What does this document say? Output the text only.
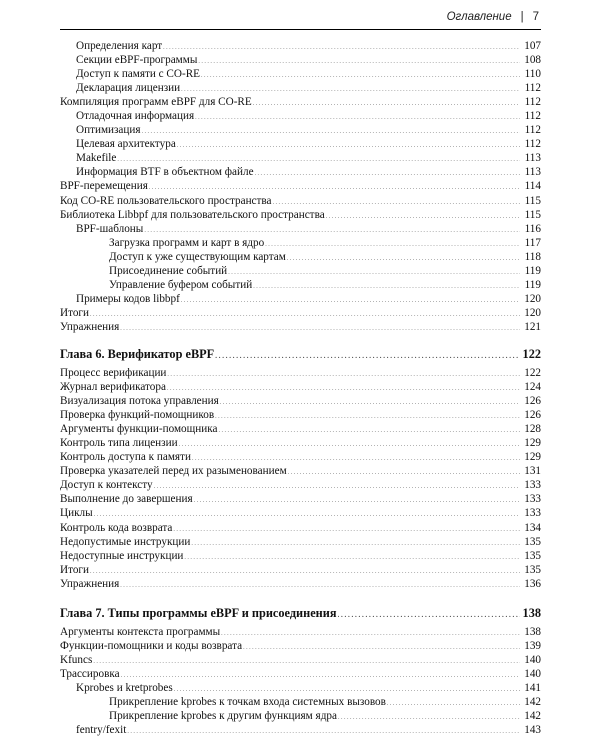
Оглавление | 7
Определения карт . . .	107
Секции eBPF-программы . . .	108
Доступ к памяти с CO-RE . . .	110
Декларация лицензии . . .	112
Компиляция программ eBPF для CO-RE . . .	112
Отладочная информация . . .	112
Оптимизация . . .	112
Целевая архитектура . . .	112
Makefile . . .	113
Информация BTF в объектном файле . . .	113
BPF-перемещения . . .	114
Код CO-RE пользовательского пространства . . .	115
Библиотека Libbpf для пользовательского пространства . . .	115
BPF-шаблоны . . .	116
Загрузка программ и карт в ядро . . .	117
Доступ к уже существующим картам . . .	118
Присоединение событий . . .	119
Управление буфером событий . . .	119
Примеры кодов libbpf . . .	120
Итоги . . .	120
Упражнения . . .	121
Глава 6. Верификатор eBPF . . .	122
Процесс верификации . . .	122
Журнал верификатора . . .	124
Визуализация потока управления . . .	126
Проверка функций-помощников . . .	126
Аргументы функции-помощника . . .	128
Контроль типа лицензии . . .	129
Контроль доступа к памяти . . .	129
Проверка указателей перед их разыменованием . . .	131
Доступ к контексту . . .	133
Выполнение до завершения . . .	133
Циклы . . .	133
Контроль кода возврата . . .	134
Недопустимые инструкции . . .	135
Недоступные инструкции . . .	135
Итоги . . .	135
Упражнения . . .	136
Глава 7. Типы программы eBPF и присоединения . . .	138
Аргументы контекста программы . . .	138
Функции-помощники и коды возврата . . .	139
Kfuncs . . .	140
Трассировка . . .	140
Kprobes и kretprobes . . .	141
Прикрепление kprobes к точкам входа системных вызовов . . .	142
Прикрепление kprobes к другим функциям ядра . . .	142
fentry/fexit . . .	143
